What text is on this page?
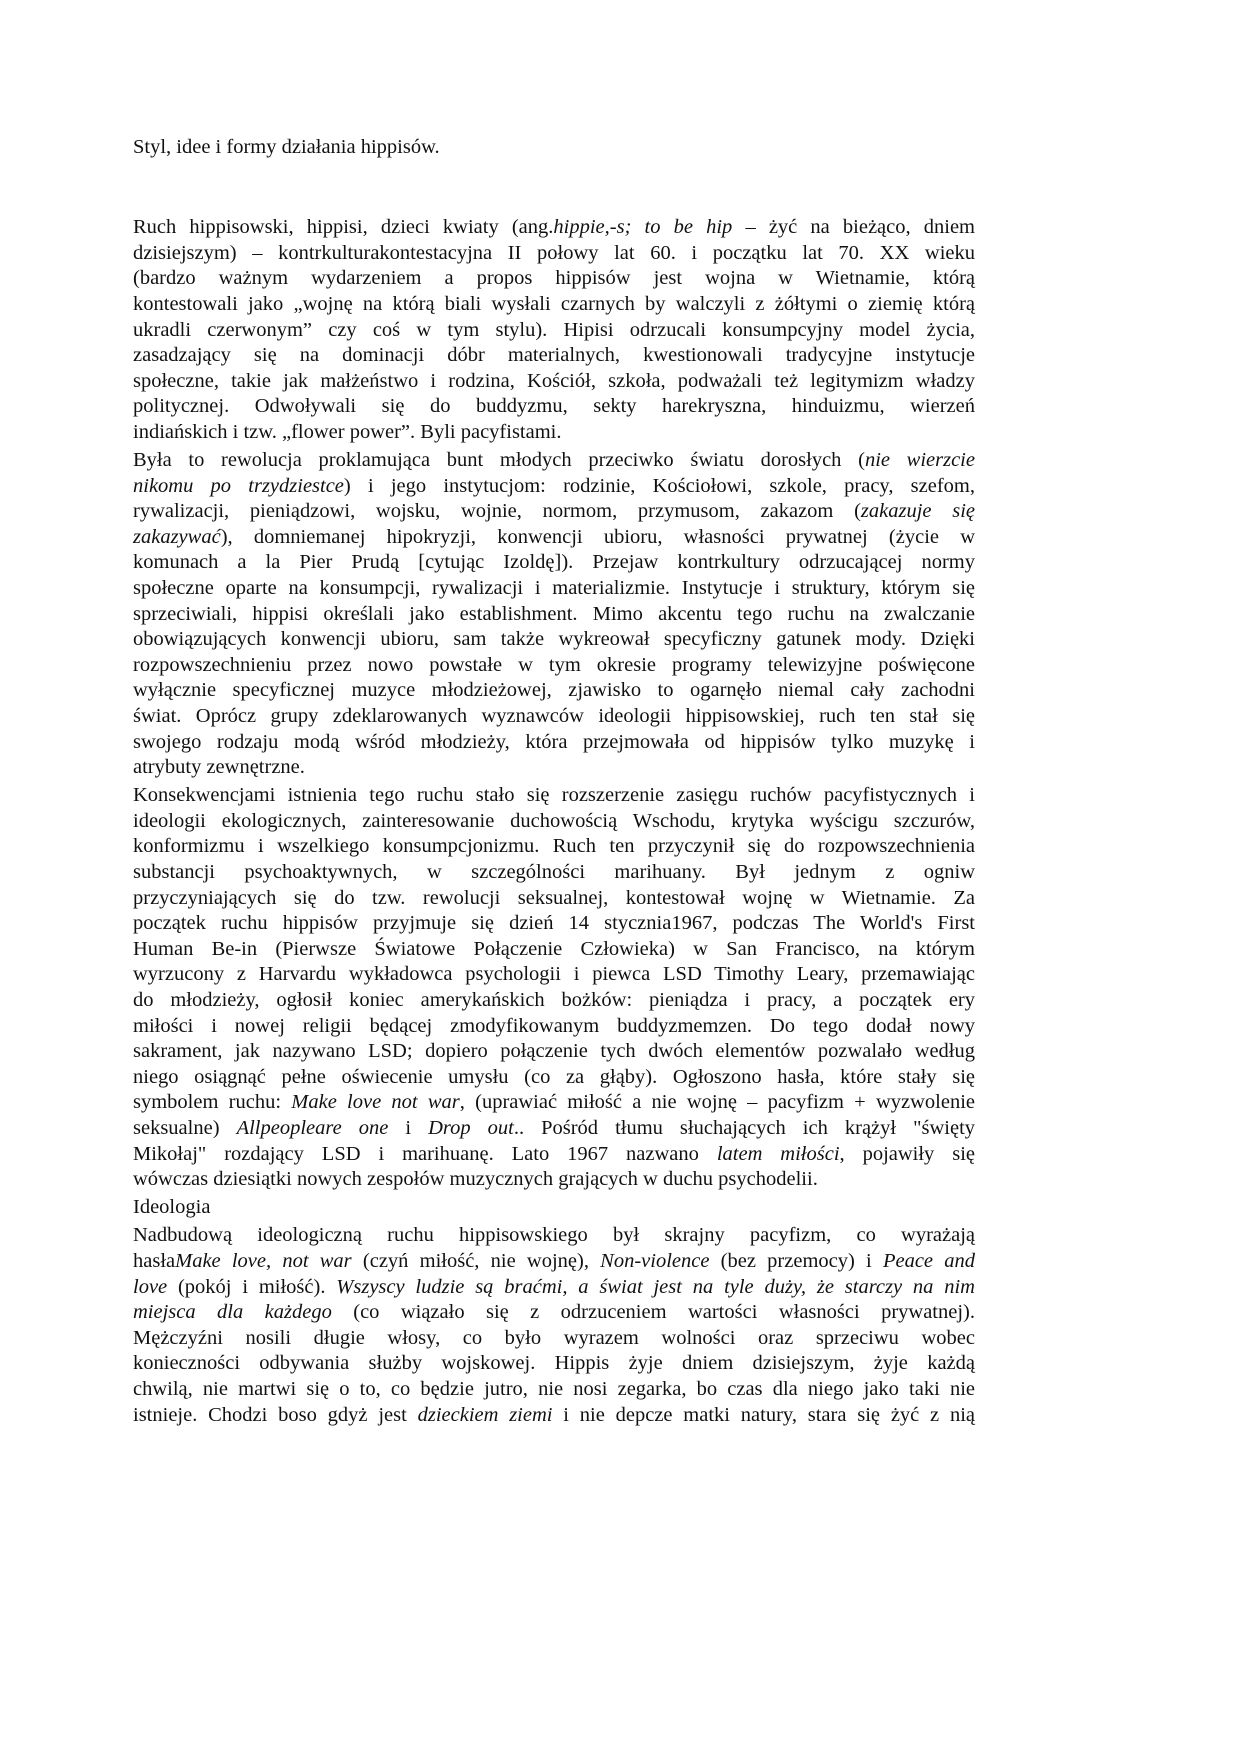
Styl, idee i formy działania hippisów.
Ruch hippisowski, hippisi, dzieci kwiaty (ang.hippie,-s; to be hip – żyć na bieżąco, dniem
dzisiejszym) – kontrkulturakontestacyjna II połowy lat 60. i początku lat 70. XX wieku
(bardzo ważnym wydarzeniem a propos hippisów jest wojna w Wietnamie, którą
kontestowali jako „wojnę na którą biali wysłali czarnych by walczyli z żółtymi o ziemię którą
ukradli czerwonym” czy coś w tym stylu). Hipisi odrzucali konsumpcyjny model życia,
zasadzający się na dominacji dóbr materialnych, kwestionowali tradycyjne instytucje
społeczne, takie jak małżeństwo i rodzina, Kościół, szkoła, podważali też legitymizm władzy
politycznej. Odwoływali się do buddyzmu, sekty harekryszna, hinduizmu, wierzeń
indiańskich i tzw. „flower power”. Byli pacyfistami.
Była to rewolucja proklamująca bunt młodych przeciwko światu dorosłych (nie wierzcie
nikomu po trzydziestce) i jego instytucjom: rodzinie, Kościołowi, szkole, pracy, szefom,
rywalizacji, pieniądzowi, wojsku, wojnie, normom, przymusom, zakazom (zakazuje się
zakazywać), domniemanej hipokryzji, konwencji ubioru, własności prywatnej (życie w
komunach a la Pier Prudą [cytując Izoldę]). Przejaw kontrkultury odrzucającej normy
społeczne oparte na konsumpcji, rywalizacji i materializmie. Instytucje i struktury, którym się
sprzeciwiali, hippisi określali jako establishment. Mimo akcentu tego ruchu na zwalczanie
obowiązujących konwencji ubioru, sam także wykreował specyficzny gatunek mody. Dzięki
rozpowszechnieniu przez nowo powstałe w tym okresie programy telewizyjne poświęcone
wyłącznie specyficznej muzyce młodzieżowej, zjawisko to ogarnęło niemal cały zachodni
świat. Oprócz grupy zdeklarowanych wyznawców ideologii hippisowskiej, ruch ten stał się
swojego rodzaju modą wśród młodzieży, która przejmowała od hippisów tylko muzykę i
atrybuty zewnętrzne.
Konsekwencjami istnienia tego ruchu stało się rozszerzenie zasięgu ruchów pacyfistycznych i
ideologii ekologicznych, zainteresowanie duchowością Wschodu, krytyka wyścigu szczurów,
konformizmu i wszelkiego konsumpcjonizmu. Ruch ten przyczynił się do rozpowszechnienia
substancji psychoaktywnych, w szczególności marihuany. Był jednym z ogniw
przyczyniających się do tzw. rewolucji seksualnej, kontestował wojnę w Wietnamie. Za
początek ruchu hippisów przyjmuje się dzień 14 stycznia1967, podczas The World's First
Human Be-in (Pierwsze Światowe Połączenie Człowieka) w San Francisco, na którym
wyrzucony z Harvardu wykładowca psychologii i piewca LSD Timothy Leary, przemawiając
do młodzieży, ogłosił koniec amerykańskich bożków: pieniądza i pracy, a początek ery
miłości i nowej religii będącej zmodyfikowanym buddyzmemzen. Do tego dodał nowy
sakrament, jak nazywano LSD; dopiero połączenie tych dwóch elementów pozwalało według
niego osiągnąć pełne oświecenie umysłu (co za głąby). Ogłoszono hasła, które stały się
symbolem ruchu: Make love not war, (uprawiać miłość a nie wojnę – pacyfizm + wyzwolenie
seksualne) Allpeopleare one i Drop out.. Pośród tłumu słuchających ich krążył "święty
Mikołaj" rozdający LSD i marihuanę. Lato 1967 nazwano latem miłości, pojawiły się
wówczas dziesiątki nowych zespołów muzycznych grających w duchu psychodelii.
Ideologia
Nadbudową ideologiczną ruchu hippisowskiego był skrajny pacyfizm, co wyrażają
hasłaMake love, not war (czyń miłość, nie wojnę), Non-violence (bez przemocy) i Peace and
love (pokój i miłość). Wszyscy ludzie są braćmi, a świat jest na tyle duży, że starczy na nim
miejsca dla każdego (co wiązało się z odrzuceniem wartości własności prywatnej).
Mężczyźni nosili długie włosy, co było wyrazem wolności oraz sprzeciwu wobec
konieczności odbywania służby wojskowej. Hippis żyje dniem dzisiejszym, żyje każdą
chwilą, nie martwi się o to, co będzie jutro, nie nosi zegarka, bo czas dla niego jako taki nie
istnieje. Chodzi boso gdyż jest dzieckiem ziemi i nie depcze matki natury, stara się żyć z nią
